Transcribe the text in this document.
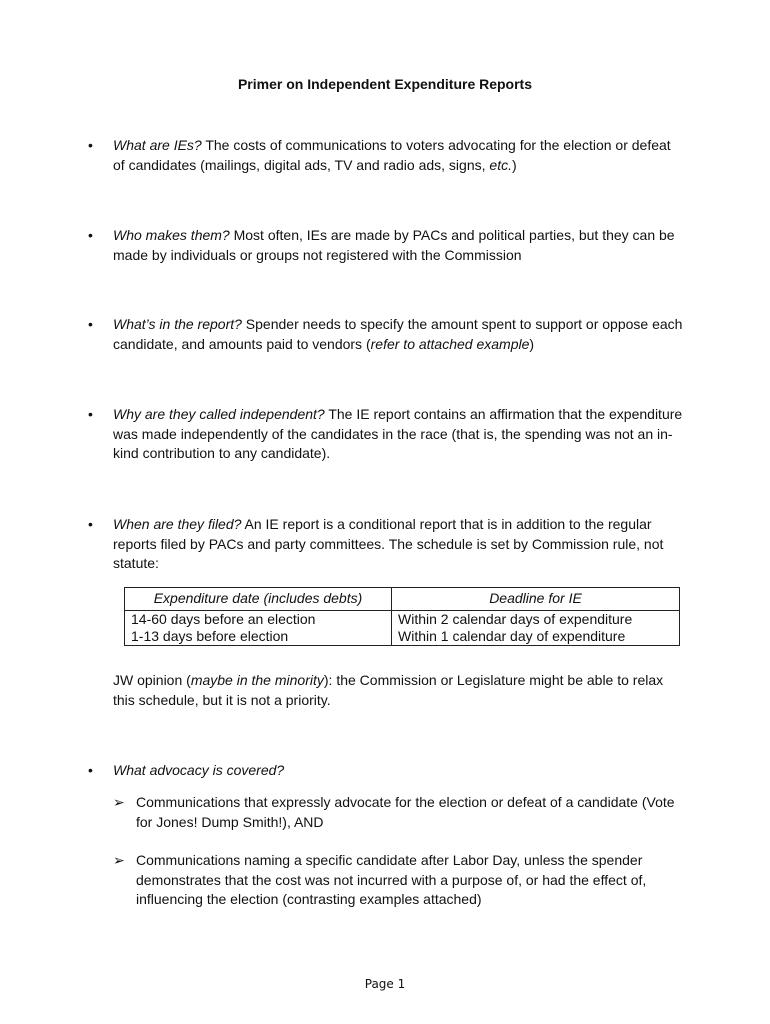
Primer on Independent Expenditure Reports
• What are IEs? The costs of communications to voters advocating for the election or defeat of candidates (mailings, digital ads, TV and radio ads, signs, etc.)
• Who makes them? Most often, IEs are made by PACs and political parties, but they can be made by individuals or groups not registered with the Commission
• What’s in the report? Spender needs to specify the amount spent to support or oppose each candidate, and amounts paid to vendors (refer to attached example)
• Why are they called independent? The IE report contains an affirmation that the expenditure was made independently of the candidates in the race (that is, the spending was not an in-kind contribution to any candidate).
• When are they filed? An IE report is a conditional report that is in addition to the regular reports filed by PACs and party committees. The schedule is set by Commission rule, not statute:
Expenditure date (includes debts)	Deadline for IE
14-60 days before an election	Within 2 calendar days of expenditure
1-13 days before election	Within 1 calendar day of expenditure
JW opinion (maybe in the minority): the Commission or Legislature might be able to relax this schedule, but it is not a priority.
• What advocacy is covered?
➢ Communications that expressly advocate for the election or defeat of a candidate (Vote for Jones! Dump Smith!), AND
➢ Communications naming a specific candidate after Labor Day, unless the spender demonstrates that the cost was not incurred with a purpose of, or had the effect of, influencing the election (contrasting examples attached)
Page 1
